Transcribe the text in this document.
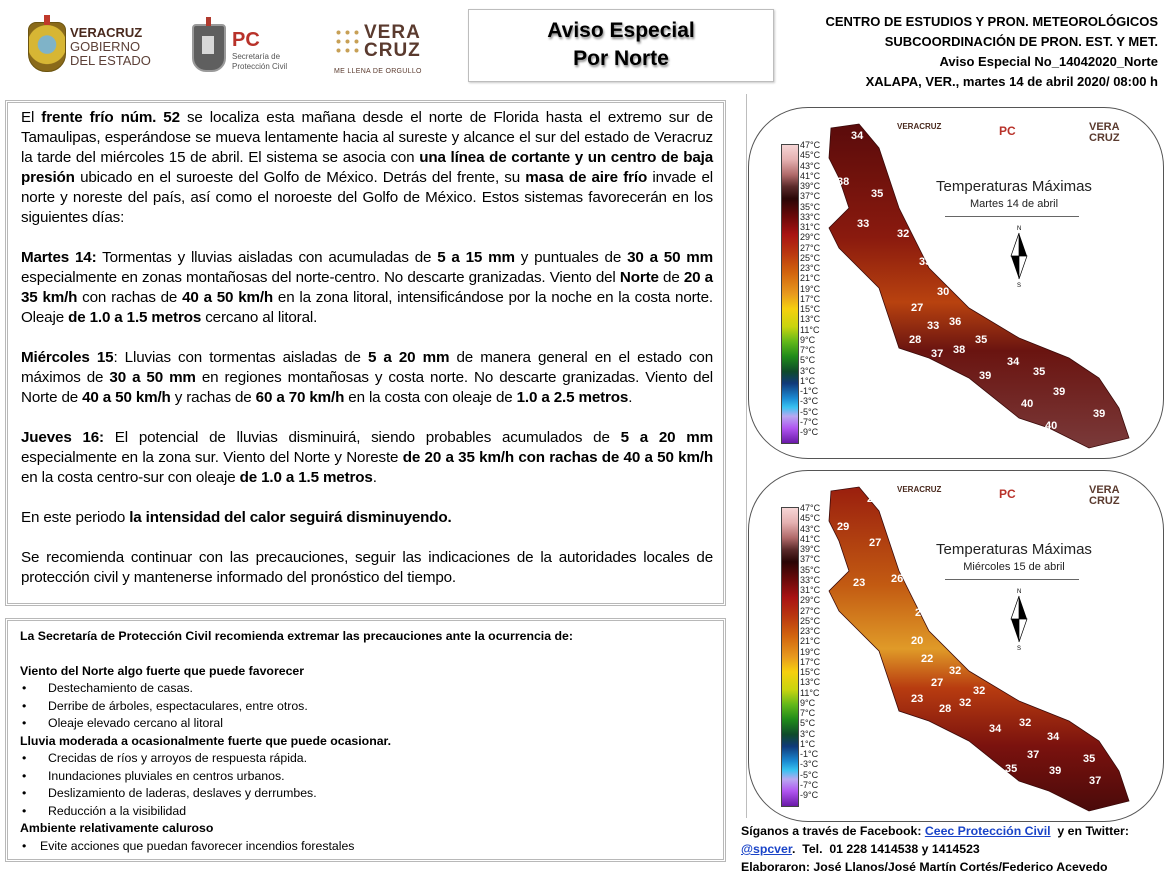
VERACRUZ
GOBIERNO
DEL ESTADO
PC
Secretaría de Protección Civil
VERA CRUZ
ME LLENA DE ORGULLO
Aviso Especial
Por Norte
CENTRO DE ESTUDIOS Y PRON. METEOROLÓGICOS
SUBCOORDINACIÓN DE PRON. EST. Y MET.
Aviso Especial No_14042020_Norte
XALAPA, VER., martes 14 de abril 2020/ 08:00 h

El frente frío núm. 52 se localiza esta mañana desde el norte de Florida hasta el extremo sur de Tamaulipas, esperándose se mueva lentamente hacia al sureste y alcance el sur del estado de Veracruz la tarde del miércoles 15 de abril. El sistema se asocia con una línea de cortante y un centro de baja presión ubicado en el suroeste del Golfo de México. Detrás del frente, su masa de aire frío invade el norte y noreste del país, así como el noroeste del Golfo de México. Estos sistemas favorecerán en los siguientes días:

Martes 14: Tormentas y lluvias aisladas con acumuladas de 5 a 15 mm y puntuales de 30 a 50 mm especialmente en zonas montañosas del norte-centro. No descarte granizadas. Viento del Norte de 20 a 35 km/h con rachas de 40 a 50 km/h en la zona litoral, intensificándose por la noche en la costa norte. Oleaje de 1.0 a 1.5 metros cercano al litoral.

Miércoles 15: Lluvias con tormentas aisladas de 5 a 20 mm de manera general en el estado con máximos de 30 a 50 mm en regiones montañosas y costa norte. No descarte granizadas. Viento del Norte de 40 a 50 km/h y rachas de 60 a 70 km/h en la costa con oleaje de 1.0 a 2.5 metros.

Jueves 16: El potencial de lluvias disminuirá, siendo probables acumulados de 5 a 20 mm especialmente en la zona sur. Viento del Norte y Noreste de 20 a 35 km/h con rachas de 40 a 50 km/h en la costa centro-sur con oleaje de 1.0 a 1.5 metros.

En este periodo la intensidad del calor seguirá disminuyendo.

Se recomienda continuar con las precauciones, seguir las indicaciones de la autoridades locales de protección civil y mantenerse informado del pronóstico del tiempo.

La Secretaría de Protección Civil recomienda extremar las precauciones ante la ocurrencia de:
Viento del Norte algo fuerte que puede favorecer
• Destechamiento de casas.
• Derribe de árboles, espectaculares, entre otros.
• Oleaje elevado cercano al litoral
Lluvia moderada a ocasionalmente fuerte que puede ocasionar.
• Crecidas de ríos y arroyos de respuesta rápida.
• Inundaciones pluviales en centros urbanos.
• Deslizamiento de laderas, deslaves y derrumbes.
• Reducción a la visibilidad
Ambiente relativamente caluroso
• Evite acciones que puedan favorecer incendios forestales
34
38
35
33
32
33
30
27
36
33
28	35
37 38
34
35
39
39
40
39
40
47°C
45°C
43°C
41°C
39°C
37°C
35°C
33°C
31°C
29°C
27°C
25°C
23°C
21°C
19°C
17°C
15°C
13°C
11°C
9°C
7°C
5°C
3°C
1°C
-1°C
-3°C
-5°C
-7°C
-9°C
VERACRUZ	PC	VERA CRUZ
Temperaturas Máximas
Martes 14 de abril
N
S
28
29
27
23 26
26
25
20
22
32
27
32
23
28 32
32
34
34
37	35
35	39
37
47°C
45°C
43°C
41°C
39°C
37°C
35°C
33°C
31°C
29°C
27°C
25°C
23°C
21°C
19°C
17°C
15°C
13°C
11°C
9°C
7°C
5°C
3°C
1°C
-1°C
-3°C
-5°C
-7°C
-9°C
VERACRUZ	PC	VERA CRUZ
Temperaturas Máximas
Miércoles 15 de abril
N
S
Síganos a través de Facebook: Ceec Protección Civil  y en Twitter:
@spcver.  Tel.  01 228 1414538 y 1414523
Elaboraron: José Llanos/José Martín Cortés/Federico Acevedo
